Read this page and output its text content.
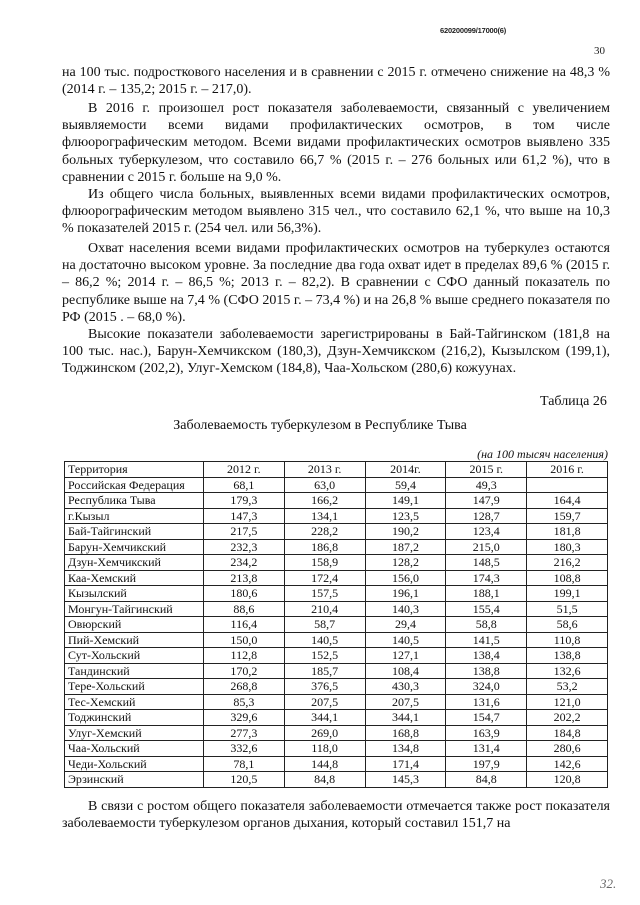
620200099/17000(6)
30

на 100 тыс. подросткового населения и в сравнении с 2015 г. отмечено снижение на 48,3 % (2014 г. – 135,2; 2015 г. – 217,0).

В 2016 г. произошел рост показателя заболеваемости, связанный с увеличением выявляемости всеми видами профилактических осмотров, в том числе флюорографическим методом. Всеми видами профилактических осмотров выявлено 335 больных туберкулезом, что составило 66,7 % (2015 г. – 276 больных или 61,2 %), что в сравнении с 2015 г. больше на 9,0 %.

Из общего числа больных, выявленных всеми видами профилактических осмотров, флюорографическим методом выявлено 315 чел., что составило 62,1 %, что выше на 10,3 % показателей 2015 г. (254 чел. или 56,3%).

Охват населения всеми видами профилактических осмотров на туберкулез остаются на достаточно высоком уровне. За последние два года охват идет в пределах 89,6 % (2015 г. – 86,2 %; 2014 г. – 86,5 %; 2013 г. – 82,2). В сравнении с СФО данный показатель по республике выше на 7,4 % (СФО 2015 г. – 73,4 %) и на 26,8 % выше среднего показателя по РФ (2015 . – 68,0 %).

Высокие показатели заболеваемости зарегистрированы в Бай-Тайгинском (181,8 на 100 тыс. нас.), Барун-Хемчикском (180,3), Дзун-Хемчикском (216,2), Кызылском (199,1), Тоджинском (202,2), Улуг-Хемском (184,8), Чаа-Хольском (280,6) кожуунах.

Таблица 26
Заболеваемость туберкулезом в Республике Тыва
(на 100 тысяч населения)
Территория	2012 г.	2013 г.	2014г.	2015 г.	2016 г.
Российская Федерация	68,1	63,0	59,4	49,3	
Республика Тыва	179,3	166,2	149,1	147,9	164,4
г.Кызыл	147,3	134,1	123,5	128,7	159,7
Бай-Тайгинский	217,5	228,2	190,2	123,4	181,8
Барун-Хемчикский	232,3	186,8	187,2	215,0	180,3
Дзун-Хемчикский	234,2	158,9	128,2	148,5	216,2
Каа-Хемский	213,8	172,4	156,0	174,3	108,8
Кызылский	180,6	157,5	196,1	188,1	199,1
Монгун-Тайгинский	88,6	210,4	140,3	155,4	51,5
Овюрский	116,4	58,7	29,4	58,8	58,6
Пий-Хемский	150,0	140,5	140,5	141,5	110,8
Сут-Хольский	112,8	152,5	127,1	138,4	138,8
Тандинский	170,2	185,7	108,4	138,8	132,6
Тере-Хольский	268,8	376,5	430,3	324,0	53,2
Тес-Хемский	85,3	207,5	207,5	131,6	121,0
Тоджинский	329,6	344,1	344,1	154,7	202,2
Улуг-Хемский	277,3	269,0	168,8	163,9	184,8
Чаа-Хольский	332,6	118,0	134,8	131,4	280,6
Чеди-Хольский	78,1	144,8	171,4	197,9	142,6
Эрзинский	120,5	84,8	145,3	84,8	120,8

В связи с ростом общего показателя заболеваемости отмечается также рост показателя заболеваемости туберкулезом органов дыхания, который составил 151,7 на

32.
